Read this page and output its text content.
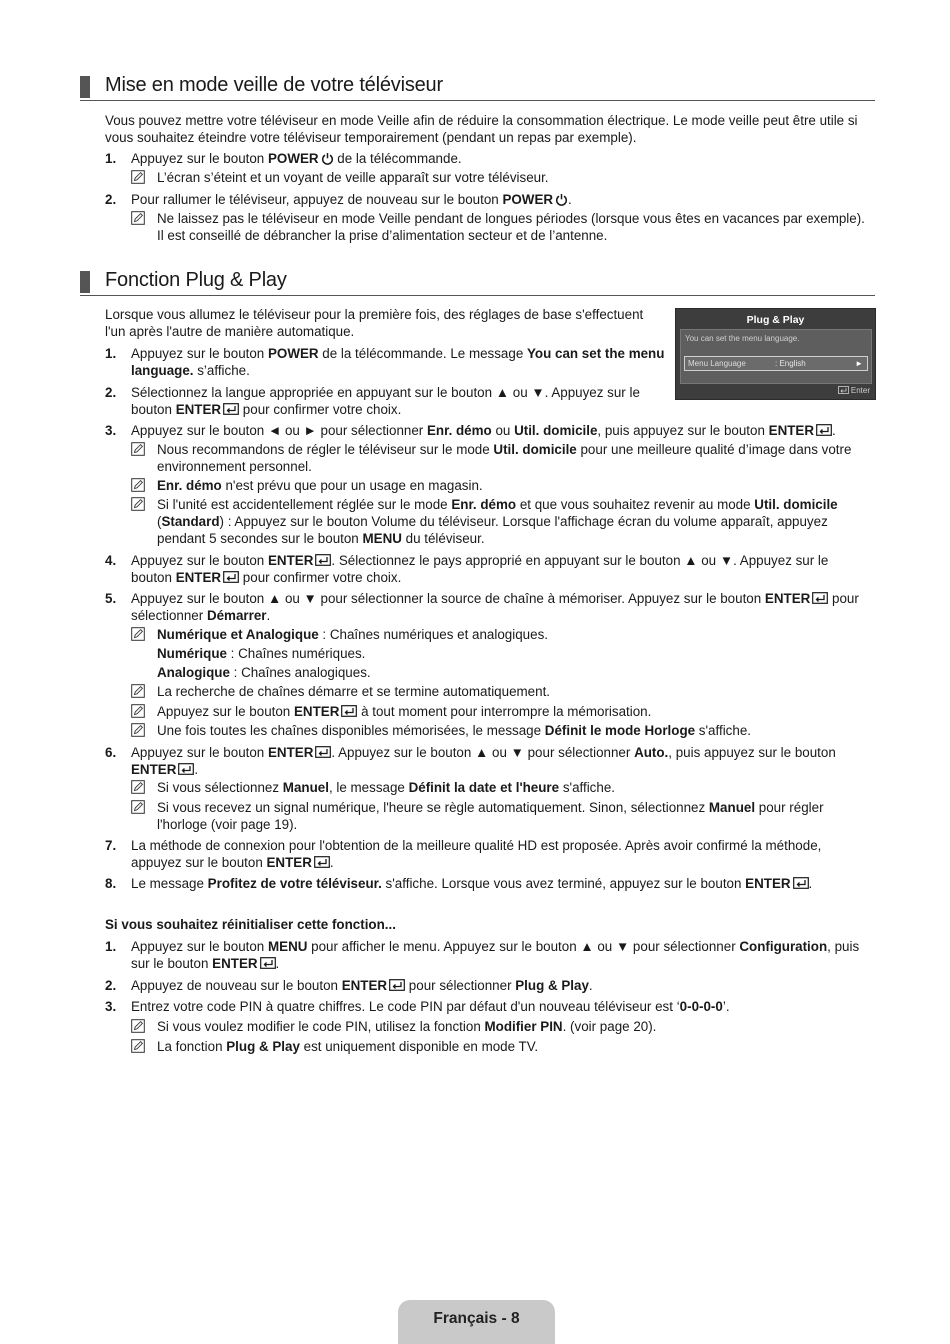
Mise en mode veille de votre téléviseur
Vous pouvez mettre votre téléviseur en mode Veille afin de réduire la consommation électrique. Le mode veille peut être utile si vous souhaitez éteindre votre téléviseur temporairement (pendant un repas par exemple).
1.	Appuyez sur le bouton POWER de la télécommande.
L’écran s’éteint et un voyant de veille apparaît sur votre téléviseur.
2.	Pour rallumer le téléviseur, appuyez de nouveau sur le bouton POWER .
Ne laissez pas le téléviseur en mode Veille pendant de longues périodes (lorsque vous êtes en vacances par exemple). Il est conseillé de débrancher la prise d’alimentation secteur et de l’antenne.
Fonction Plug & Play
Lorsque vous allumez le téléviseur pour la première fois, des réglages de base s'effectuent l'un après l'autre de manière automatique.
Plug & Play
You can set the menu language.
Menu Language	: English	►
Enter
1.	Appuyez sur le bouton POWER de la télécommande. Le message You can set the menu language. s’affiche.
2.	Sélectionnez la langue appropriée en appuyant sur le bouton ▲ ou ▼. Appuyez sur le bouton ENTER pour confirmer votre choix.
3.	Appuyez sur le bouton ◄ ou ► pour sélectionner Enr. démo ou Util. domicile, puis appuyez sur le bouton ENTER .
Nous recommandons de régler le téléviseur sur le mode Util. domicile pour une meilleure qualité d’image dans votre environnement personnel.
Enr. démo n'est prévu que pour un usage en magasin.
Si l'unité est accidentellement réglée sur le mode Enr. démo et que vous souhaitez revenir au mode Util. domicile (Standard) : Appuyez sur le bouton Volume du téléviseur. Lorsque l'affichage écran du volume apparaît, appuyez pendant 5 secondes sur le bouton MENU du téléviseur.
4.	Appuyez sur le bouton ENTER . Sélectionnez le pays approprié en appuyant sur le bouton ▲ ou ▼. Appuyez sur le bouton ENTER pour confirmer votre choix.
5.	Appuyez sur le bouton ▲ ou ▼ pour sélectionner la source de chaîne à mémoriser. Appuyez sur le bouton ENTER pour sélectionner Démarrer.
Numérique et Analogique : Chaînes numériques et analogiques.
Numérique : Chaînes numériques.
Analogique : Chaînes analogiques.
La recherche de chaînes démarre et se termine automatiquement.
Appuyez sur le bouton ENTER à tout moment pour interrompre la mémorisation.
Une fois toutes les chaînes disponibles mémorisées, le message Définit le mode Horloge s'affiche.
6.	Appuyez sur le bouton ENTER . Appuyez sur le bouton ▲ ou ▼ pour sélectionner Auto., puis appuyez sur le bouton ENTER .
Si vous sélectionnez Manuel, le message Définit la date et l'heure s'affiche.
Si vous recevez un signal numérique, l'heure se règle automatiquement. Sinon, sélectionnez Manuel pour régler l'horloge (voir page 19).
7.	La méthode de connexion pour l'obtention de la meilleure qualité HD est proposée. Après avoir confirmé la méthode, appuyez sur le bouton ENTER .
8.	Le message Profitez de votre téléviseur. s'affiche. Lorsque vous avez terminé, appuyez sur le bouton ENTER .
Si vous souhaitez réinitialiser cette fonction...
1.	Appuyez sur le bouton MENU pour afficher le menu. Appuyez sur le bouton ▲ ou ▼ pour sélectionner Configuration, puis sur le bouton ENTER .
2.	Appuyez de nouveau sur le bouton ENTER pour sélectionner Plug & Play.
3.	Entrez votre code PIN à quatre chiffres. Le code PIN par défaut d'un nouveau téléviseur est ‘0-0-0-0’.
Si vous voulez modifier le code PIN, utilisez la fonction Modifier PIN. (voir page 20).
La fonction Plug & Play est uniquement disponible en mode TV.
Français - 8
